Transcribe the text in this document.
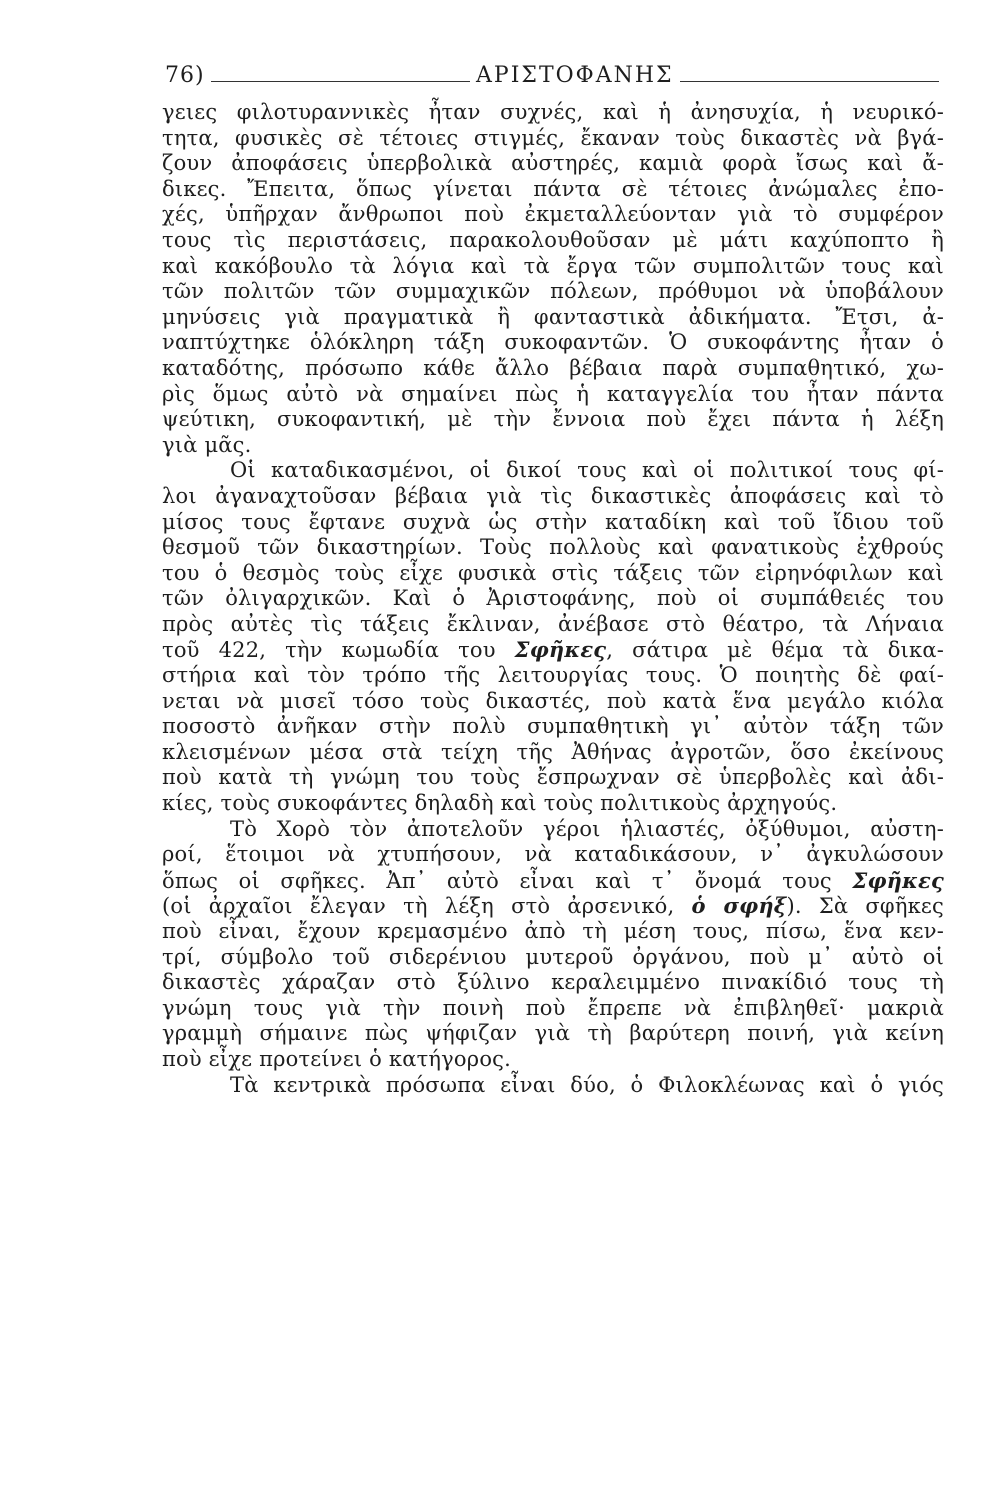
76)	ΑΡΙΣΤΟΦΑΝΗΣ
γειες φιλοτυραννικὲς ἦταν συχνές, καὶ ἡ ἀνησυχία, ἡ νευρικό-
τητα, φυσικὲς σὲ τέτοιες στιγμές, ἔκαναν τοὺς δικαστὲς νὰ βγά-
ζουν ἀποφάσεις ὑπερβολικὰ αὐστηρές, καμιὰ φορὰ ἴσως καὶ ἄ-
δικες. Ἔπειτα, ὅπως γίνεται πάντα σὲ τέτοιες ἀνώμαλες ἐπο-
χές, ὑπῆρχαν ἄνθρωποι ποὺ ἐκμεταλλεύονταν γιὰ τὸ συμφέρον
τους τὶς περιστάσεις, παρακολουθοῦσαν μὲ μάτι καχύποπτο ἢ
καὶ κακόβουλο τὰ λόγια καὶ τὰ ἔργα τῶν συμπολιτῶν τους καὶ
τῶν πολιτῶν τῶν συμμαχικῶν πόλεων, πρόθυμοι νὰ ὑποβάλουν
μηνύσεις γιὰ πραγματικὰ ἢ φανταστικὰ ἀδικήματα. Ἔτσι, ἀ-
ναπτύχτηκε ὁλόκληρη τάξη συκοφαντῶν. Ὁ συκοφάντης ἦταν ὁ
καταδότης, πρόσωπο κάθε ἄλλο βέβαια παρὰ συμπαθητικό, χω-
ρὶς ὅμως αὐτὸ νὰ σημαίνει πὼς ἡ καταγγελία του ἦταν πάντα
ψεύτικη, συκοφαντική, μὲ τὴν ἔννοια ποὺ ἔχει πάντα ἡ λέξη
γιὰ μᾶς.
Οἱ καταδικασμένοι, οἱ δικοί τους καὶ οἱ πολιτικοί τους φί-
λοι ἀγαναχτοῦσαν βέβαια γιὰ τὶς δικαστικὲς ἀποφάσεις καὶ τὸ
μίσος τους ἔφτανε συχνὰ ὡς στὴν καταδίκη καὶ τοῦ ἴδιου τοῦ
θεσμοῦ τῶν δικαστηρίων. Τοὺς πολλοὺς καὶ φανατικοὺς ἐχθρούς
του ὁ θεσμὸς τοὺς εἶχε φυσικὰ στὶς τάξεις τῶν εἰρηνόφιλων καὶ
τῶν ὀλιγαρχικῶν. Καὶ ὁ Ἀριστοφάνης, ποὺ οἱ συμπάθειές του
πρὸς αὐτὲς τὶς τάξεις ἔκλιναν, ἀνέβασε στὸ θέατρο, τὰ Λήναια
τοῦ 422, τὴν κωμωδία του Σφῆκες, σάτιρα μὲ θέμα τὰ δικα-
στήρια καὶ τὸν τρόπο τῆς λειτουργίας τους. Ὁ ποιητὴς δὲ φαί-
νεται νὰ μισεῖ τόσο τοὺς δικαστές, ποὺ κατὰ ἕνα μεγάλο κιόλα
ποσοστὸ ἀνῆκαν στὴν πολὺ συμπαθητικὴ γι᾽ αὐτὸν τάξη τῶν
κλεισμένων μέσα στὰ τείχη τῆς Ἀθήνας ἀγροτῶν, ὅσο ἐκείνους
ποὺ κατὰ τὴ γνώμη του τοὺς ἔσπρωχναν σὲ ὑπερβολὲς καὶ ἀδι-
κίες, τοὺς συκοφάντες δηλαδὴ καὶ τοὺς πολιτικοὺς ἀρχηγούς.
Τὸ Χορὸ τὸν ἀποτελοῦν γέροι ἡλιαστές, ὀξύθυμοι, αὐστη-
ροί, ἕτοιμοι νὰ χτυπήσουν, νὰ καταδικάσουν, ν᾽ ἀγκυλώσουν
ὅπως οἱ σφῆκες. Ἀπ᾽ αὐτὸ εἶναι καὶ τ᾽ ὄνομά τους Σφῆκες
(οἱ ἀρχαῖοι ἔλεγαν τὴ λέξη στὸ ἀρσενικό, ὁ σφήξ). Σὰ σφῆκες
ποὺ εἶναι, ἔχουν κρεμασμένο ἀπὸ τὴ μέση τους, πίσω, ἕνα κεν-
τρί, σύμβολο τοῦ σιδερένιου μυτεροῦ ὀργάνου, ποὺ μ᾽ αὐτὸ οἱ
δικαστὲς χάραζαν στὸ ξύλινο κεραλειμμένο πινακίδιό τους τὴ
γνώμη τους γιὰ τὴν ποινὴ ποὺ ἔπρεπε νὰ ἐπιβληθεῖ· μακριὰ
γραμμὴ σήμαινε πὼς ψήφιζαν γιὰ τὴ βαρύτερη ποινή, γιὰ κείνη
ποὺ εἶχε προτείνει ὁ κατήγορος.
Τὰ κεντρικὰ πρόσωπα εἶναι δύο, ὁ Φιλοκλέωνας καὶ ὁ γιός
